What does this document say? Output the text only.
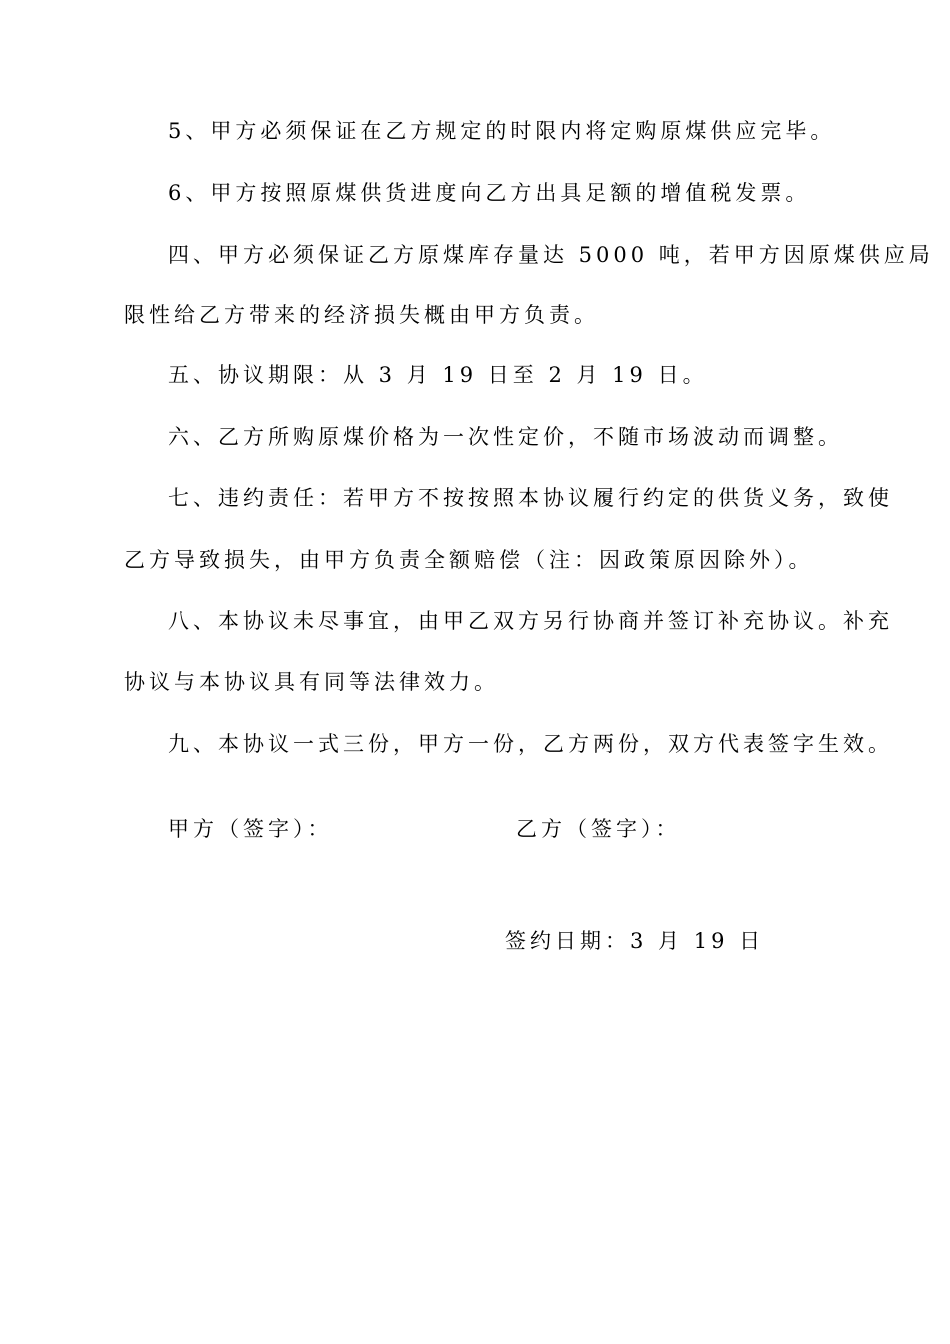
5、甲方必须保证在乙方规定的时限内将定购原煤供应完毕。
6、甲方按照原煤供货进度向乙方出具足额的增值税发票。
四、甲方必须保证乙方原煤库存量达 5000 吨，若甲方因原煤供应局
限性给乙方带来的经济损失概由甲方负责。
五、协议期限：从 3 月 19 日至 2 月 19 日。
六、乙方所购原煤价格为一次性定价，不随市场波动而调整。
七、违约责任：若甲方不按按照本协议履行约定的供货义务，致使
乙方导致损失，由甲方负责全额赔偿（注：因政策原因除外）。
八、本协议未尽事宜，由甲乙双方另行协商并签订补充协议。补充
协议与本协议具有同等法律效力。
九、本协议一式三份，甲方一份，乙方两份，双方代表签字生效。
甲方（签字）：	乙方（签字）：
签约日期：3 月 19 日
